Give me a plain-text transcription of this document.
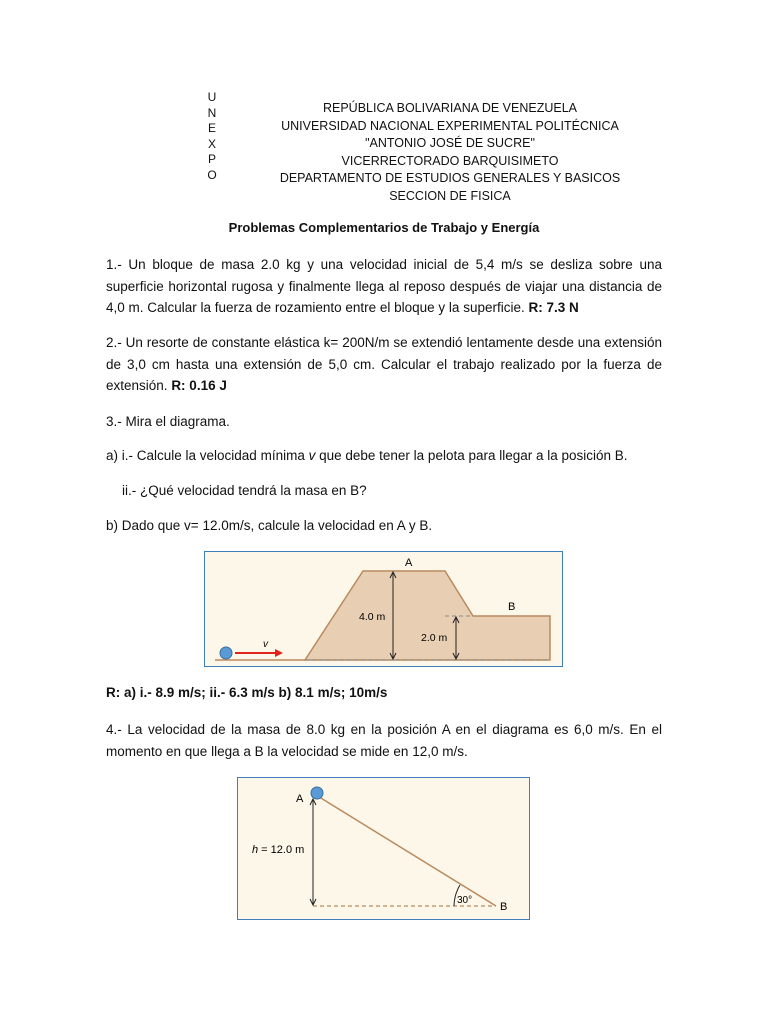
U
N
E
X
P
O
REPÚBLICA BOLIVARIANA DE VENEZUELA
UNIVERSIDAD NACIONAL EXPERIMENTAL POLITÉCNICA
"ANTONIO JOSÉ DE SUCRE"
VICERRECTORADO BARQUISIMETO
DEPARTAMENTO DE ESTUDIOS GENERALES Y BASICOS
SECCION DE FISICA
Problemas Complementarios de Trabajo y Energía
1.- Un bloque de masa 2.0 kg y una velocidad inicial de 5,4 m/s se desliza sobre una superficie horizontal rugosa y finalmente llega al reposo después de viajar una distancia de 4,0 m. Calcular la fuerza de rozamiento entre el bloque y la superficie. R: 7.3 N
2.- Un resorte de constante elástica k= 200N/m se extendió lentamente desde una extensión de 3,0 cm hasta una extensión de 5,0 cm. Calcular el trabajo realizado por la fuerza de extensión. R: 0.16 J
3.- Mira el diagrama.
a) i.- Calcule la velocidad mínima v que debe tener la pelota para llegar a la posición B.
ii.- ¿Qué velocidad tendrá la masa en B?
b) Dado que v= 12.0m/s, calcule la velocidad en A y B.
v
A
B
4.0 m
2.0 m
R: a) i.- 8.9 m/s; ii.- 6.3 m/s b) 8.1 m/s; 10m/s
4.- La velocidad de la masa de 8.0 kg en la posición A en el diagrama es 6,0 m/s. En el momento en que llega a B la velocidad se mide en 12,0 m/s.
A
B
h = 12.0 m
30°
